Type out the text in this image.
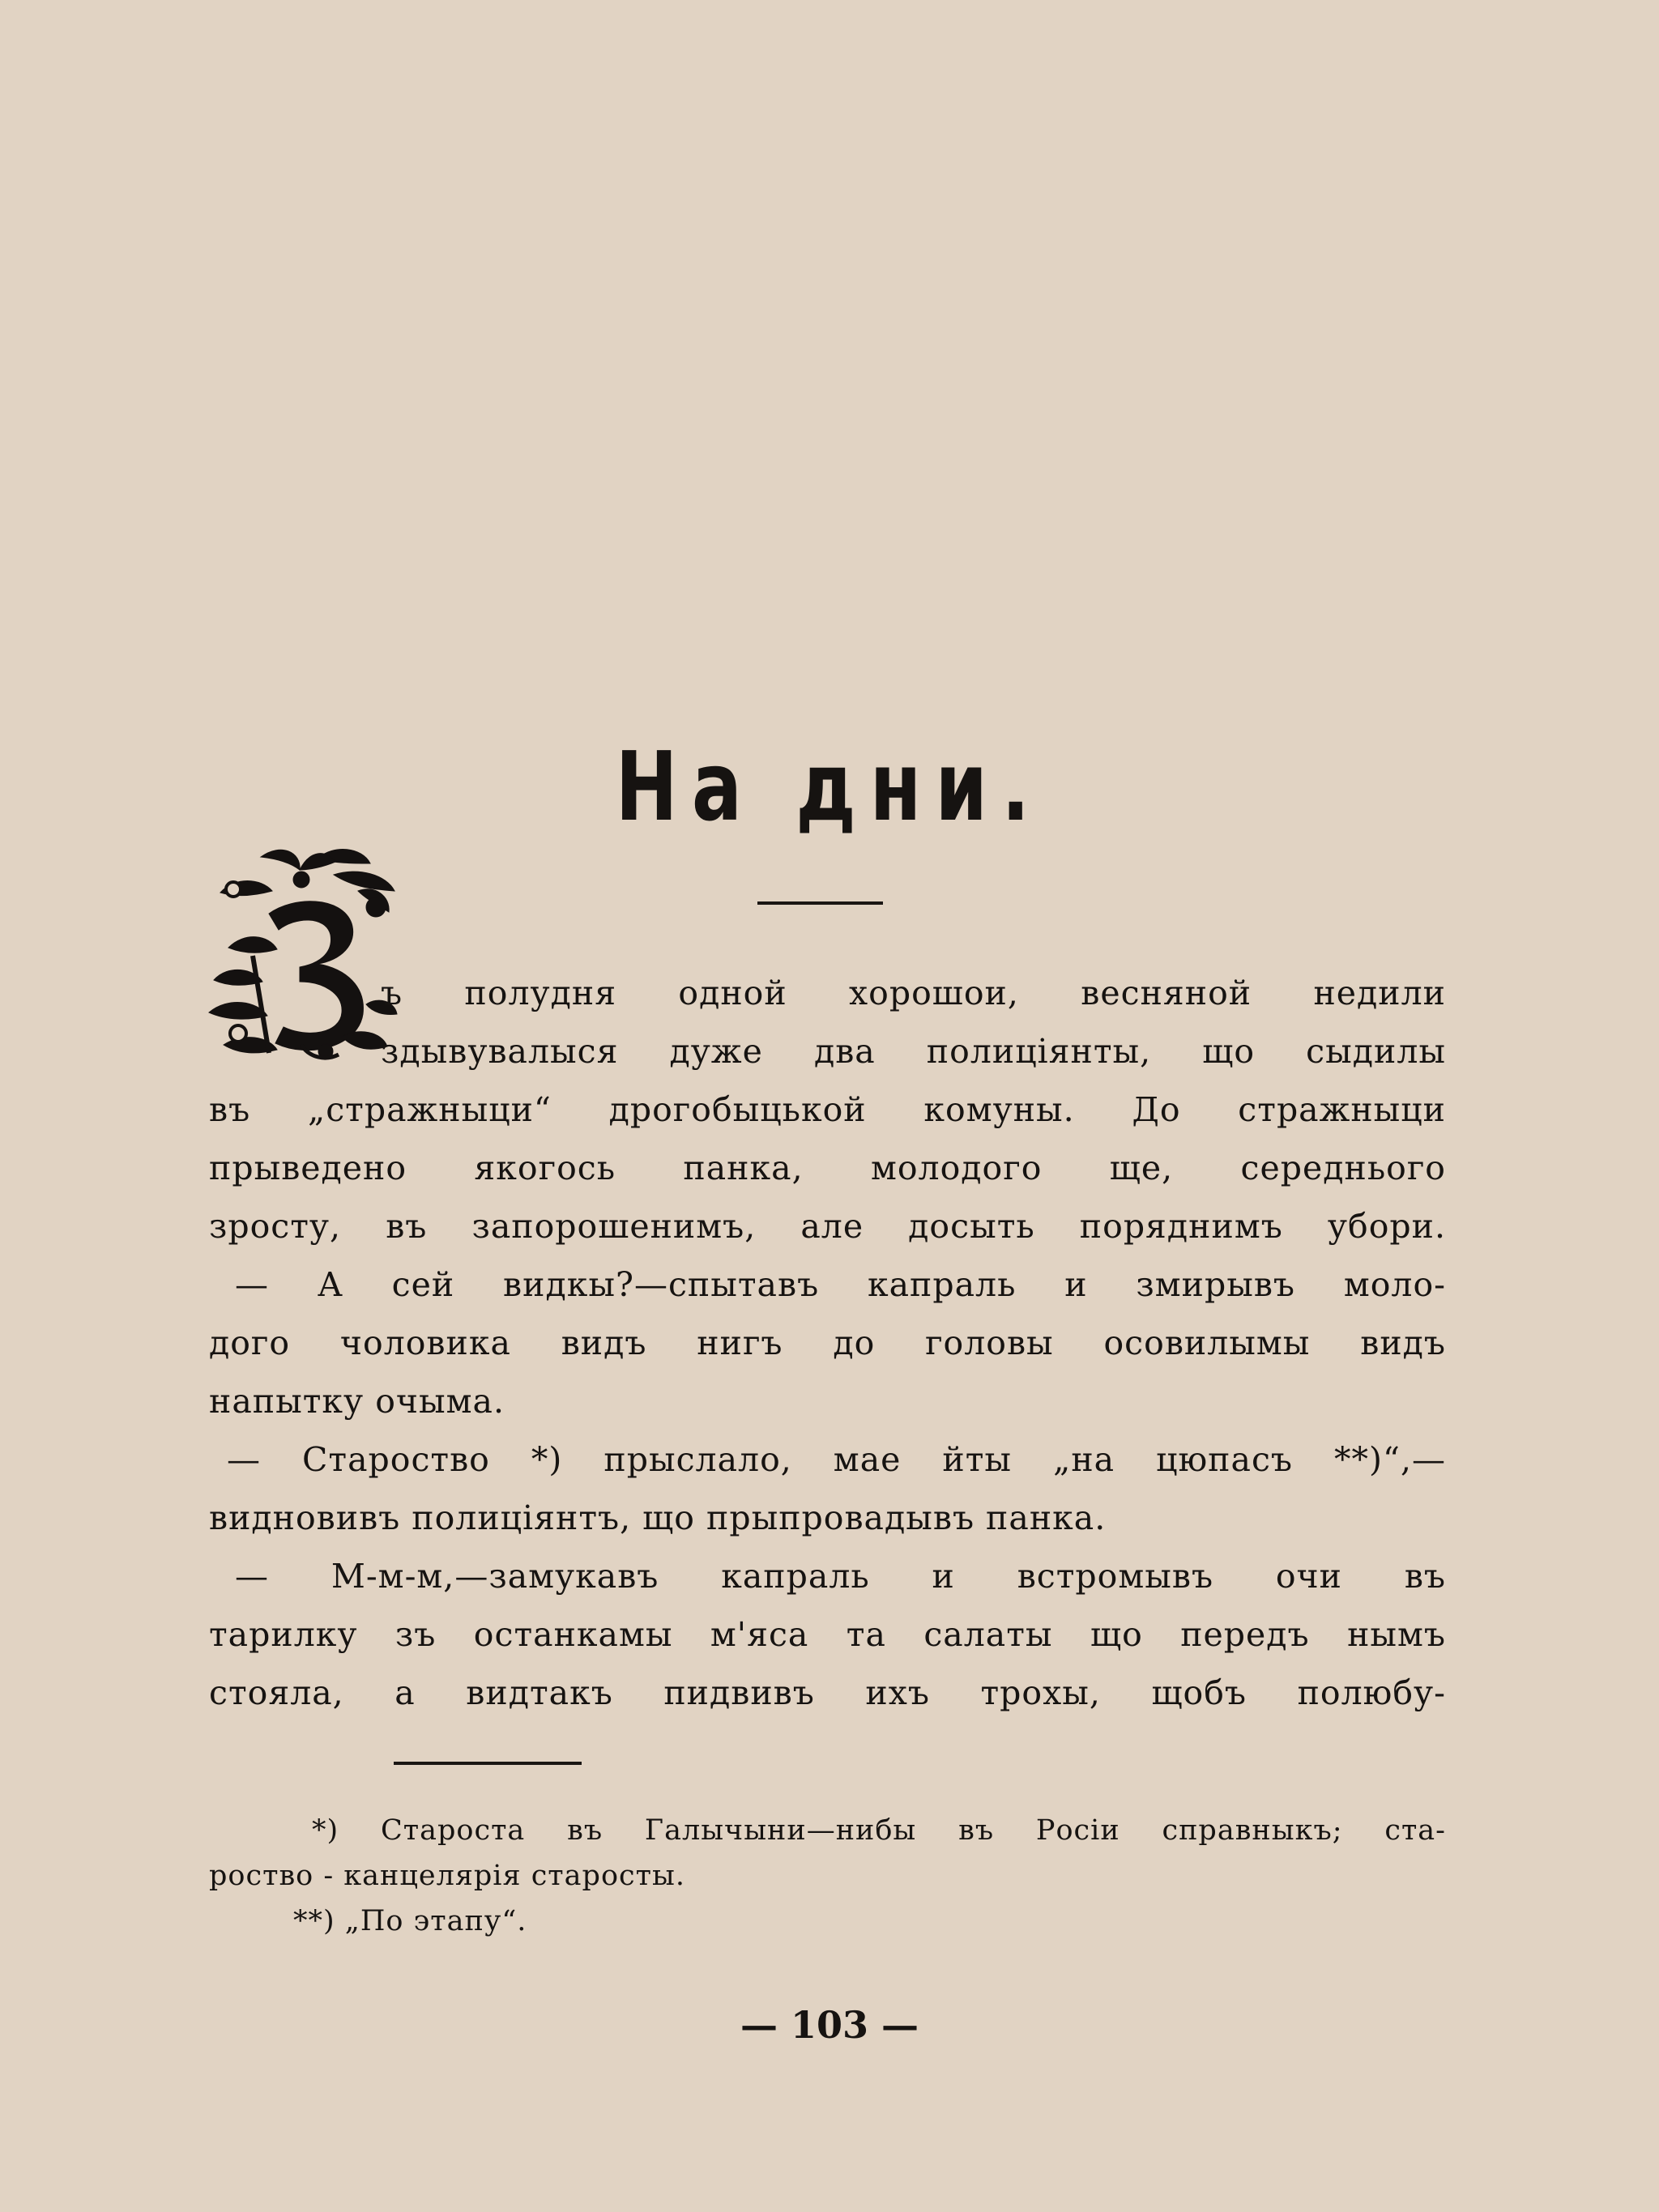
На дни.
ъ полудня одной хорошои, весняной недили
здывувалыся дуже два полицiянты, що сыдилы
въ „стражныци“ дрогобыцькой комуны. До стражныци
прыведено якогось панка, молодого ще, середнього
зросту, въ запорошенимъ, але досыть поряднимъ убори.
— А сей видкы?—спытавъ капраль и змирывъ моло-
дого чоловика видъ нигъ до головы осовилымы видъ
напытку очыма.
— Староство *) прыслало, мае йты „на цюпасъ **)“,—
видновивъ полицiянтъ, що прыпровадывъ панка.
— М-м-м,—замукавъ капраль и встромывъ очи въ
тарилку зъ останкамы м'яса та салаты що передъ нымъ
стояла, а видтакъ пидвивъ ихъ трохы, щобъ полюбу-
*) Староста въ Галычыни—нибы въ Росiи справныкъ; ста-
роство - канцелярiя старосты.
**) „По этапу“.
— 103 —
